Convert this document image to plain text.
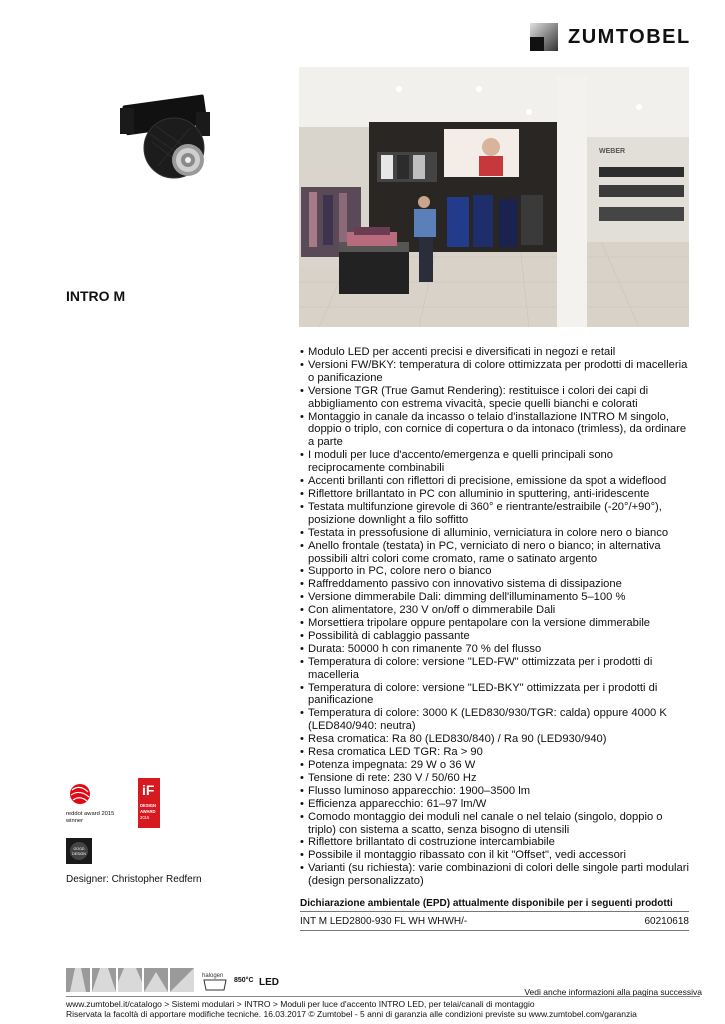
ZUMTOBEL
WEBER
INTRO M
• Modulo LED per accenti precisi e diversificati in negozi e retail
• Versioni FW/BKY: temperatura di colore ottimizzata per prodotti di macelleria o panificazione
• Versione TGR (True Gamut Rendering): restituisce i colori dei capi di abbigliamento con estrema vivacità, specie quelli bianchi e colorati
• Montaggio in canale da incasso o telaio d'installazione INTRO M singolo, doppio o triplo, con cornice di copertura o da intonaco (trimless), da ordinare a parte
• I moduli per luce d'accento/emergenza e quelli principali sono reciprocamente combinabili
• Accenti brillanti con riflettori di precisione, emissione da spot a wideflood
• Riflettore brillantato in PC con alluminio in sputtering, anti-iridescente
• Testata multifunzione girevole di 360° e rientrante/estraibile (-20°/+90°), posizione downlight a filo soffitto
• Testata in pressofusione di alluminio, verniciatura in colore nero o bianco
• Anello frontale (testata) in PC, verniciato di nero o bianco; in alternativa possibili altri colori come cromato, rame o satinato argento
• Supporto in PC, colore nero o bianco
• Raffreddamento passivo con innovativo sistema di dissipazione
• Versione dimmerabile Dali: dimming dell'illuminamento 5–100 %
• Con alimentatore, 230 V on/off o dimmerabile Dali
• Morsettiera tripolare oppure pentapolare con la versione dimmerabile
• Possibilità di cablaggio passante
• Durata: 50000 h con rimanente 70 % del flusso
• Temperatura di colore: versione "LED-FW" ottimizzata per i prodotti di macelleria
• Temperatura di colore: versione "LED-BKY" ottimizzata per i prodotti di panificazione
• Temperatura di colore: 3000 K (LED830/930/TGR: calda) oppure 4000 K (LED840/940: neutra)
• Resa cromatica: Ra 80 (LED830/840) / Ra 90 (LED930/940)
• Resa cromatica LED TGR: Ra > 90
• Potenza impegnata: 29 W o 36 W
• Tensione di rete: 230 V / 50/60 Hz
• Flusso luminoso apparecchio: 1900–3500 lm
• Efficienza apparecchio: 61–97 lm/W
• Comodo montaggio dei moduli nel canale o nel telaio (singolo, doppio o triplo) con sistema a scatto, senza bisogno di utensili
• Riflettore brillantato di costruzione intercambiabile
• Possibile il montaggio ribassato con il kit "Offset", vedi accessori
• Varianti (su richiesta): varie combinazioni di colori delle singole parti modulari (design personalizzato)
reddot award 2015
winner
iF
DESIGN
AWARD
2015
GOOD
DESIGN
Designer: Christopher Redfern
Dichiarazione ambientale (EPD) attualmente disponibile per i seguenti prodotti
INT M LED2800-930 FL WH WHWH/-	60210618
halogen
850°C LED
Vedi anche informazioni alla pagina successiva
www.zumtobel.it/catalogo > Sistemi modulari > INTRO > Moduli per luce d'accento INTRO LED, per telai/canali di montaggio
Riservata la facoltà di apportare modifiche tecniche. 16.03.2017 © Zumtobel - 5 anni di garanzia alle condizioni previste su www.zumtobel.com/garanzia
